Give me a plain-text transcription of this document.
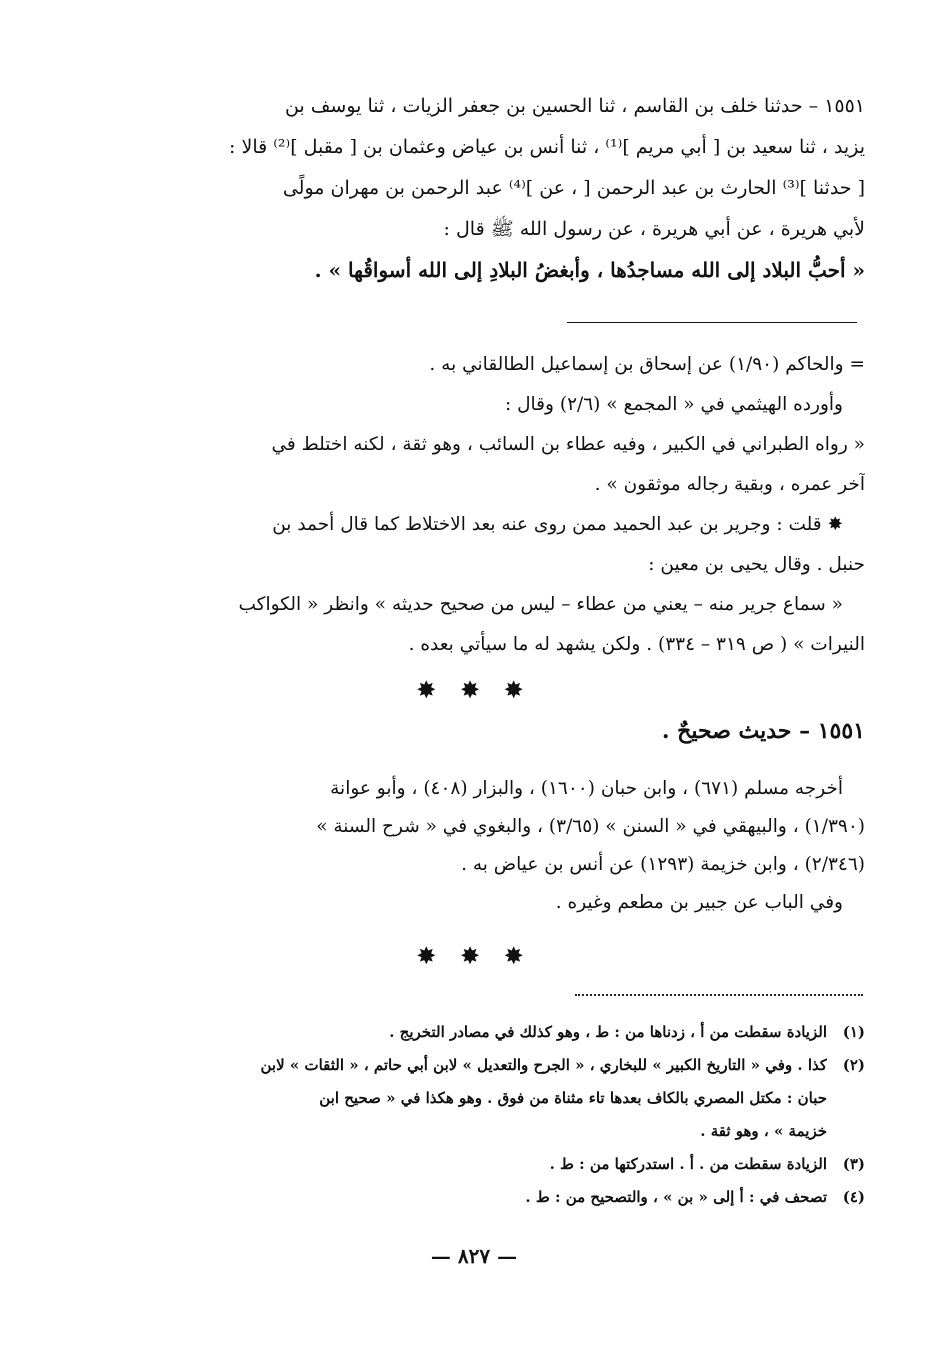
١٥٥١ – حدثنا خلف بن القاسم ، ثنا الحسين بن جعفر الزيات ، ثنا يوسف بن
يزيد ، ثنا سعيد بن [ أبي مريم ]⁽¹⁾ ، ثنا أنس بن عياض وعثمان بن [ مقبل ]⁽²⁾ قالا :
[ حدثنا ]⁽³⁾ الحارث بن عبد الرحمن [ ، عن ]⁽⁴⁾ عبد الرحمن بن مهران مولًى
لأبي هريرة ، عن أبي هريرة ، عن رسول الله ﷺ قال :
« أحبُّ البلاد إلى الله مساجدُها ، وأبغضُ البلادِ إلى الله أسواقُها » .
= والحاكم (١/٩٠) عن إسحاق بن إسماعيل الطالقاني به .
وأورده الهيثمي في « المجمع » (٢/٦) وقال :
« رواه الطبراني في الكبير ، وفيه عطاء بن السائب ، وهو ثقة ، لكنه اختلط في
آخر عمره ، وبقية رجاله موثقون » .
✸ قلت : وجرير بن عبد الحميد ممن روى عنه بعد الاختلاط كما قال أحمد بن
حنبل . وقال يحيى بن معين :
« سماع جرير منه – يعني من عطاء – ليس من صحيح حديثه » وانظر « الكواكب
النيرات » ( ص ٣١٩ – ٣٣٤) . ولكن يشهد له ما سيأتي بعده .
✸ ✸ ✸
١٥٥١ – حديث صحيحٌ .
أخرجه مسلم (٦٧١) ، وابن حبان (١٦٠٠) ، والبزار (٤٠٨) ، وأبو عوانة
(١/٣٩٠) ، والبيهقي في « السنن » (٣/٦٥) ، والبغوي في « شرح السنة »
(٢/٣٤٦) ، وابن خزيمة (١٢٩٣) عن أنس بن عياض به .
وفي الباب عن جبير بن مطعم وغيره .
✸ ✸ ✸
(١)
الزيادة سقطت من أ ، زدناها من : ط ، وهو كذلك في مصادر التخريج .
(٢)
كذا . وفي « التاريخ الكبير » للبخاري ، « الجرح والتعديل » لابن أبي حاتم ، « الثقات » لابن
حبان : مكتل المصري بالكاف بعدها تاء مثناة من فوق . وهو هكذا في « صحيح ابن
خزيمة » ، وهو ثقة .
(٣)
الزيادة سقطت من . أ . استدركتها من : ط .
(٤)
تصحف في : أ إلى « بن » ، والتصحيح من : ط .
— ٨٢٧ —
